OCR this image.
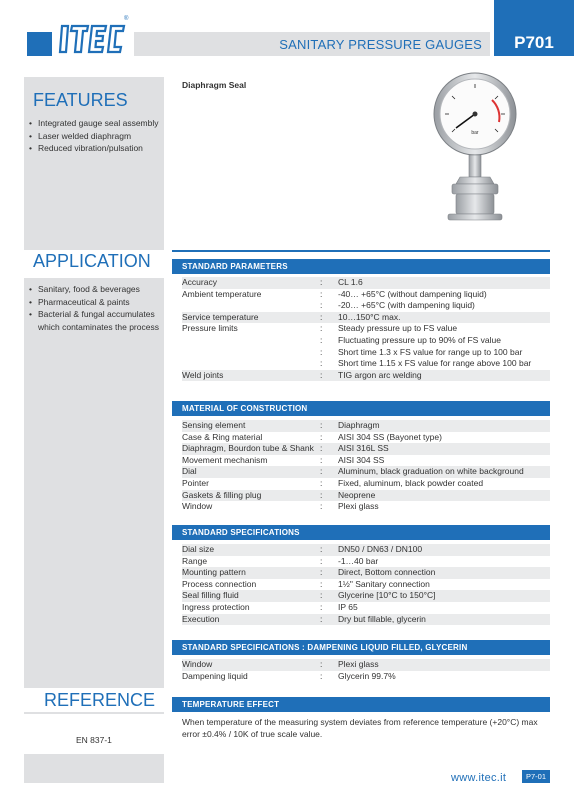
®
SANITARY PRESSURE GAUGES	P701
FEATURES
• Integrated gauge seal assembly
• Laser welded diaphragm
• Reduced vibration/pulsation
APPLICATION
• Sanitary, food & beverages
• Pharmaceutical & paints
• Bacterial & fungal accumulates which contaminates the process
REFERENCE
EN 837-1
Diaphragm Seal
bar
STANDARD PARAMETERS
Accuracy	:	CL 1.6
Ambient temperature	:	-40… +65°C (without dampening liquid)
:	-20… +65°C (with dampening liquid)
Service temperature	:	10…150°C max.
Pressure limits	:	Steady pressure up to FS value
:	Fluctuating pressure up to 90% of FS value
:	Short time 1.3 x FS value for range up to 100 bar
:	Short time 1.15 x FS value for range above 100 bar
Weld joints	:	TIG argon arc welding
MATERIAL OF CONSTRUCTION
Sensing element	:	Diaphragm
Case & Ring material	:	AISI 304 SS (Bayonet type)
Diaphragm, Bourdon tube & Shank :	AISI 316L SS
Movement mechanism	:	AISI 304 SS
Dial	:	Aluminum, black graduation on white background
Pointer	:	Fixed, aluminum, black powder coated
Gaskets & filling plug	:	Neoprene
Window	:	Plexi glass
STANDARD SPECIFICATIONS
Dial size	:	DN50 / DN63 / DN100
Range	:	-1…40 bar
Mounting pattern	:	Direct, Bottom connection
Process connection	:	1½" Sanitary connection
Seal filling fluid	:	Glycerine [10°C to 150°C]
Ingress protection	:	IP 65
Execution	:	Dry but fillable, glycerin
STANDARD SPECIFICATIONS : DAMPENING LIQUID FILLED, GLYCERIN
Window	:	Plexi glass
Dampening liquid	:	Glycerin 99.7%
TEMPERATURE EFFECT
When temperature of the measuring system deviates from reference temperature (+20°C) max error ±0.4% / 10K of true scale value.
www.itec.it	P7-01
